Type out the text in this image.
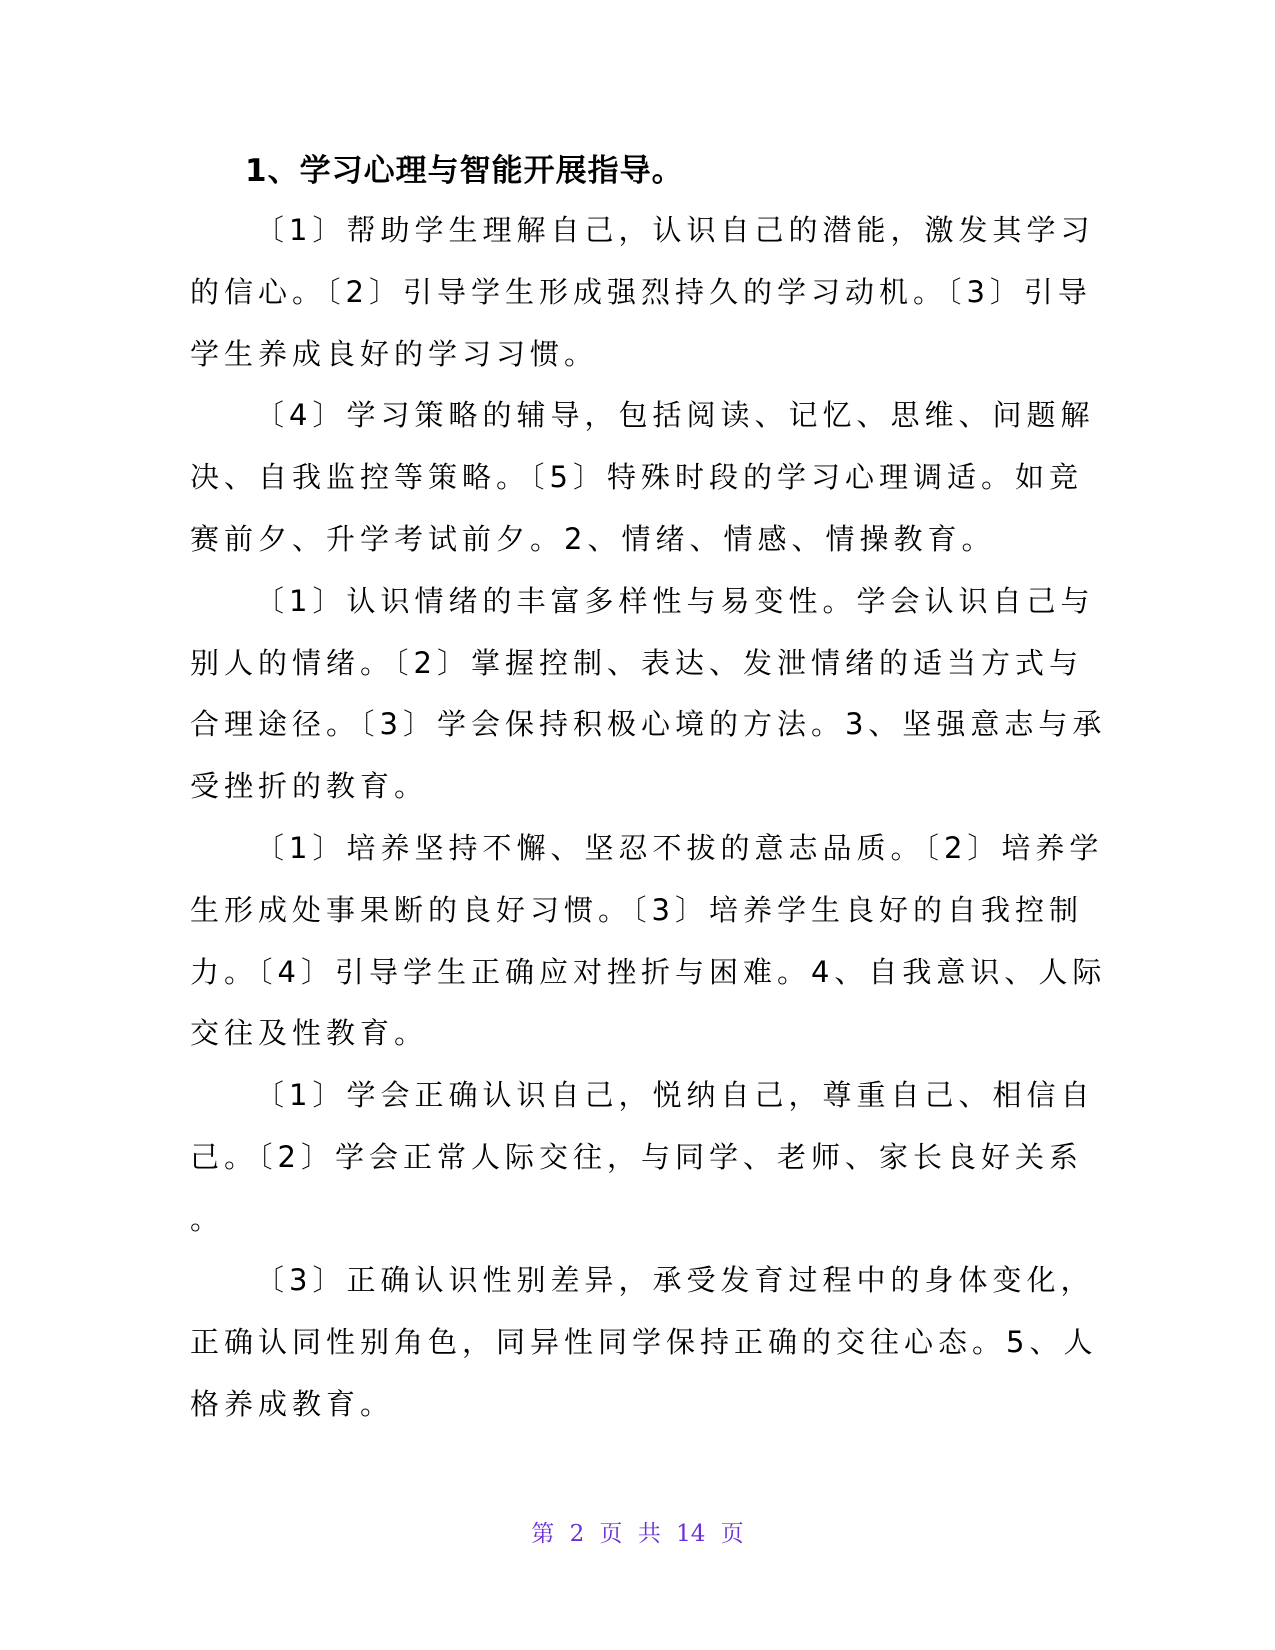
1、学习心理与智能开展指导。
〔1〕帮助学生理解自己，认识自己的潜能，激发其学习
的信心。〔2〕引导学生形成强烈持久的学习动机。〔3〕引导
学生养成良好的学习习惯。
〔4〕学习策略的辅导，包括阅读、记忆、思维、问题解
决、自我监控等策略。〔5〕特殊时段的学习心理调适。如竞
赛前夕、升学考试前夕。2、情绪、情感、情操教育。
〔1〕认识情绪的丰富多样性与易变性。学会认识自己与
别人的情绪。〔2〕掌握控制、表达、发泄情绪的适当方式与
合理途径。〔3〕学会保持积极心境的方法。3、坚强意志与承
受挫折的教育。
〔1〕培养坚持不懈、坚忍不拔的意志品质。〔2〕培养学
生形成处事果断的良好习惯。〔3〕培养学生良好的自我控制
力。〔4〕引导学生正确应对挫折与困难。4、自我意识、人际
交往及性教育。
〔1〕学会正确认识自己，悦纳自己，尊重自己、相信自
己。〔2〕学会正常人际交往，与同学、老师、家长良好关系
。
〔3〕正确认识性别差异，承受发育过程中的身体变化，
正确认同性别角色，同异性同学保持正确的交往心态。5、人
格养成教育。
第 2 页 共 14 页
